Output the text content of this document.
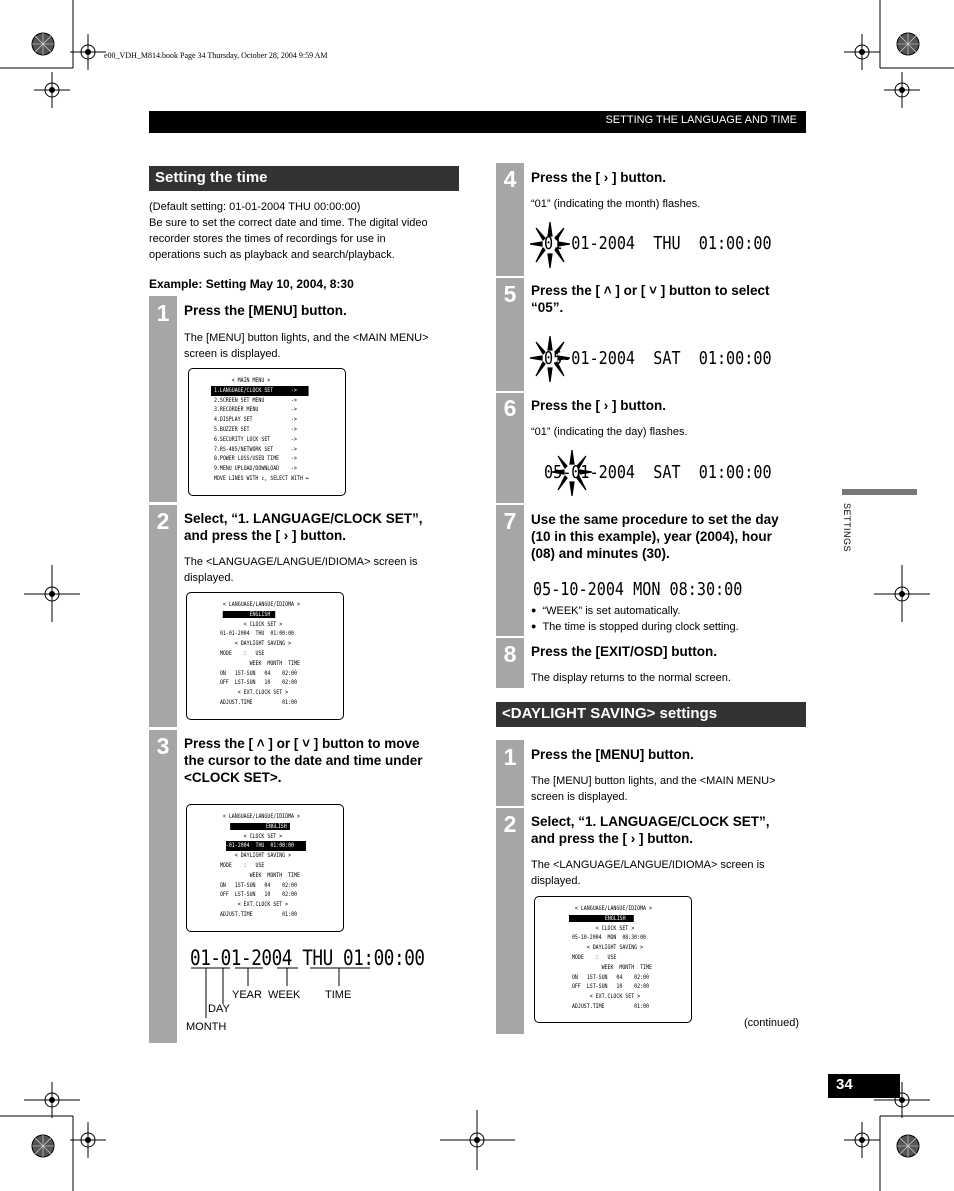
e00_VDH_M814.book Page 34 Thursday, October 28, 2004 9:59 AM
SETTING THE LANGUAGE AND TIME
Setting the time
(Default setting: 01-01-2004 THU 00:00:00)
Be sure to set the correct date and time. The digital video
recorder stores the times of recordings for use in
operations such as playback and search/playback.
Example: Setting May 10, 2004, 8:30
1
2
3
Press the [MENU] button.
The [MENU] button lights, and the <MAIN MENU>
screen is displayed.
< MAIN MENU >
1.LANGUAGE/CLOCK SET      ->
2.SCREEN SET MENU         ->
3.RECORDER MENU           ->
4.DISPLAY SET             ->
5.BUZZER SET              ->
6.SECURITY LOCK SET       ->
7.RS-485/NETWORK SET      ->
8.POWER LOSS/USED TIME    ->
9.MENU UPLOAD/DOWNLOAD    ->
MOVE LINES WITH ↕, SELECT WITH ↔
Select, “1. LANGUAGE/CLOCK SET”,
and press the [ › ] button.
The <LANGUAGE/LANGUE/IDIOMA> screen is
displayed.
< LANGUAGE/LANGUE/IDIOMA >

< CLOCK SET >
01-01-2004  THU  01:00:00
< DAYLIGHT SAVING >
MODE    :   USE
WEEK  MONTH  TIME
ON   1ST-SUN   04    02:00
OFF  LST-SUN   10    02:00
< EXT.CLOCK SET >
ADJUST.TIME          01:00
ENGLISH
Press the [ ˄ ] or [ ˅ ] button to move
the cursor to the date and time under
<CLOCK SET>.
< LANGUAGE/LANGUE/IDIOMA >
ENGLISH
< CLOCK SET >
01-01-2004  THU  01:00:00
< DAYLIGHT SAVING >
MODE    :   USE
WEEK  MONTH  TIME
ON   1ST-SUN   04    02:00
OFF  LST-SUN   10    02:00
< EXT.CLOCK SET >
ADJUST.TIME          01:00
01-01-2004 THU 01:00:00
YEAR WEEK TIME
DAY
MONTH
4
5
6
7
8
1
2
Press the [ › ] button.
“01” (indicating the month) flashes.
01-01-2004  THU  01:00:00
Press the [ ˄ ] or [ ˅ ] button to select
“05”.
05-01-2004  SAT  01:00:00
Press the [ › ] button.
“01” (indicating the day) flashes.
05-01-2004  SAT  01:00:00
Use the same procedure to set the day
(10 in this example), year (2004), hour
(08) and minutes (30).
05-10-2004 MON 08:30:00
● “WEEK” is set automatically.
● The time is stopped during clock setting.
Press the [EXIT/OSD] button.
The display returns to the normal screen.
<DAYLIGHT SAVING> settings
Press the [MENU] button.
The [MENU] button lights, and the <MAIN MENU>
screen is displayed.
Select, “1. LANGUAGE/CLOCK SET”,
and press the [ › ] button.
The <LANGUAGE/LANGUE/IDIOMA> screen is
displayed.
< LANGUAGE/LANGUE/IDIOMA >
ENGLISH
< CLOCK SET >
05-10-2004  MON  08:30:00
< DAYLIGHT SAVING >
MODE    :   USE
WEEK  MONTH  TIME
ON   1ST-SUN   04    02:00
OFF  LST-SUN   10    02:00
< EXT.CLOCK SET >
ADJUST.TIME          01:00
(continued)
SETTINGS
34
